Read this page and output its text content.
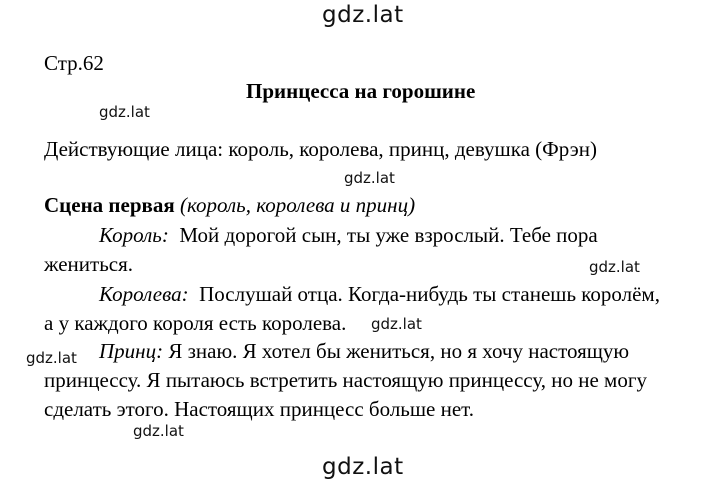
gdz.lat
gdz.lat
gdz.lat
gdz.lat
gdz.lat
gdz.lat
gdz.lat
gdz.lat
Стр.62
Принцесса на горошине
Действующие лица: король, королева, принц, девушка (Фрэн)
Сцена первая (король, королева и принц)
Король: Мой дорогой сын, ты уже взрослый. Тебе пора
жениться.
Королева: Послушай отца. Когда-нибудь ты станешь королём,
а у каждого короля есть королева.
Принц: Я знаю. Я хотел бы жениться, но я хочу настоящую
принцессу. Я пытаюсь встретить настоящую принцессу, но не могу
сделать этого. Настоящих принцесс больше нет.
